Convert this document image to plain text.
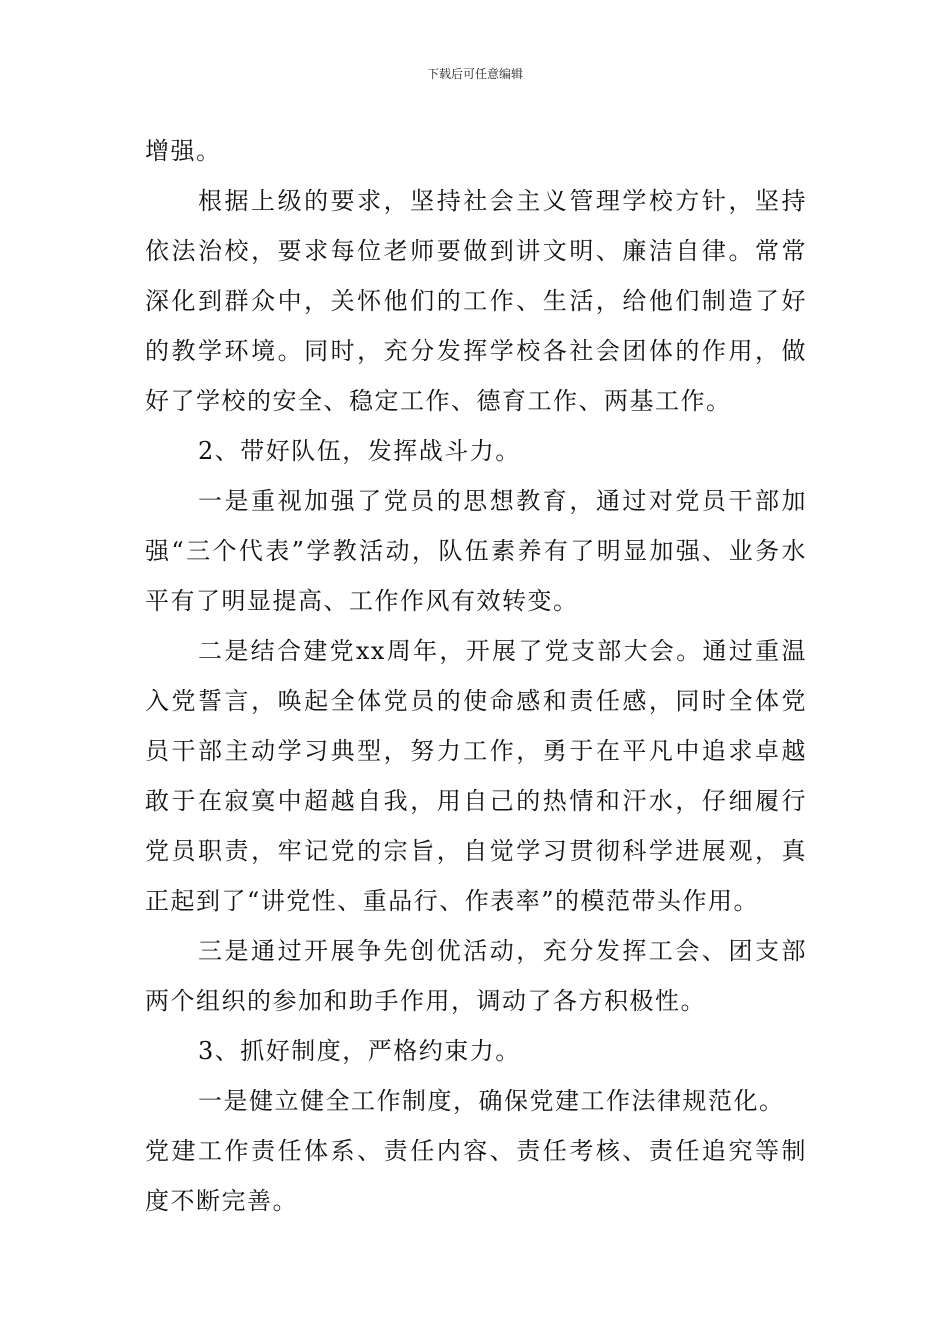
下载后可任意编辑

增强。

根据上级的要求，坚持社会主义管理学校方针，坚持依法治校，要求每位老师要做到讲文明、廉洁自律。常常深化到群众中，关怀他们的工作、生活，给他们制造了好的教学环境。同时，充分发挥学校各社会团体的作用，做好了学校的安全、稳定工作、德育工作、两基工作。

2、带好队伍，发挥战斗力。

一是重视加强了党员的思想教育，通过对党员干部加强“三个代表”学教活动，队伍素养有了明显加强、业务水平有了明显提高、工作作风有效转变。

二是结合建党xx周年，开展了党支部大会。通过重温入党誓言，唤起全体党员的使命感和责任感，同时全体党员干部主动学习典型，努力工作，勇于在平凡中追求卓越敢于在寂寞中超越自我，用自己的热情和汗水，仔细履行党员职责，牢记党的宗旨，自觉学习贯彻科学进展观，真正起到了“讲党性、重品行、作表率”的模范带头作用。

三是通过开展争先创优活动，充分发挥工会、团支部两个组织的参加和助手作用，调动了各方积极性。

3、抓好制度，严格约束力。

一是健立健全工作制度，确保党建工作法律规范化。

党建工作责任体系、责任内容、责任考核、责任追究等制度不断完善。
